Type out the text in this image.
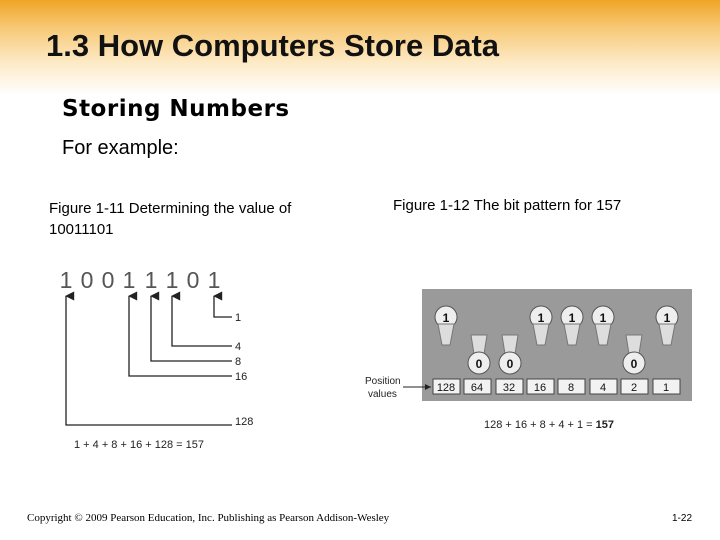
1.3 How Computers Store Data
Storing Numbers
For example:
Figure 1-11 Determining the value of 10011101
Figure 1-12 The bit pattern for 157
1 0 0 1 1 1 0 1
1
4
8
16
128
1 + 4 + 8 + 16 + 128 = 157
1
0 0
1 1 1
0
1
128 64 32 16 8 4 2 1
Position
values
128 + 16 + 8 + 4 + 1 = 157
Copyright © 2009 Pearson Education, Inc. Publishing as Pearson Addison-Wesley	1-22
